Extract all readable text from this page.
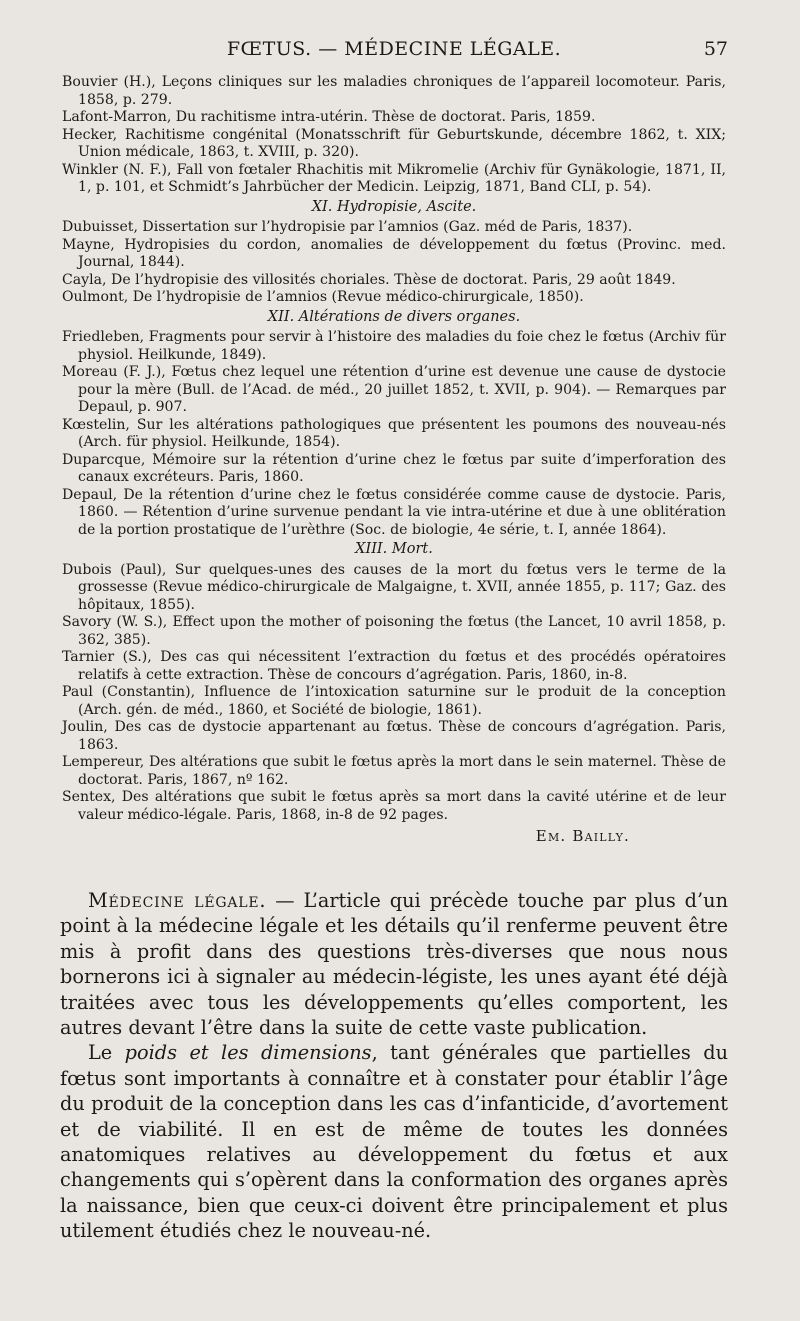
FŒTUS. — MÉDECINE LÉGALE.	57

Bouvier (H.), Leçons cliniques sur les maladies chroniques de l’appareil locomoteur. Paris, 1858, p. 279.

Lafont-Marron, Du rachitisme intra-utérin. Thèse de doctorat. Paris, 1859.

Hecker, Rachitisme congénital (Monatsschrift für Geburtskunde, décembre 1862, t. XIX; Union médicale, 1863, t. XVIII, p. 320).

Winkler (N. F.), Fall von fœtaler Rhachitis mit Mikromelie (Archiv für Gynäkologie, 1871, II, 1, p. 101, et Schmidt’s Jahrbücher der Medicin. Leipzig, 1871, Band CLI, p. 54).

XI. Hydropisie, Ascite.

Dubuisset, Dissertation sur l’hydropisie par l’amnios (Gaz. méd de Paris, 1837).

Mayne, Hydropisies du cordon, anomalies de développement du fœtus (Provinc. med. Journal, 1844).

Cayla, De l’hydropisie des villosités choriales. Thèse de doctorat. Paris, 29 août 1849.

Oulmont, De l’hydropisie de l’amnios (Revue médico-chirurgicale, 1850).

XII. Altérations de divers organes.

Friedleben, Fragments pour servir à l’histoire des maladies du foie chez le fœtus (Archiv für physiol. Heilkunde, 1849).

Moreau (F. J.), Fœtus chez lequel une rétention d’urine est devenue une cause de dystocie pour la mère (Bull. de l’Acad. de méd., 20 juillet 1852, t. XVII, p. 904). — Remarques par Depaul, p. 907.

Kœstelin, Sur les altérations pathologiques que présentent les poumons des nouveau-nés (Arch. für physiol. Heilkunde, 1854).

Duparcque, Mémoire sur la rétention d’urine chez le fœtus par suite d’imperforation des canaux excréteurs. Paris, 1860.

Depaul, De la rétention d’urine chez le fœtus considérée comme cause de dystocie. Paris, 1860. — Rétention d’urine survenue pendant la vie intra-utérine et due à une oblitération de la portion prostatique de l’urèthre (Soc. de biologie, 4e série, t. I, année 1864).

XIII. Mort.

Dubois (Paul), Sur quelques-unes des causes de la mort du fœtus vers le terme de la grossesse (Revue médico-chirurgicale de Malgaigne, t. XVII, année 1855, p. 117; Gaz. des hôpitaux, 1855).

Savory (W. S.), Effect upon the mother of poisoning the fœtus (the Lancet, 10 avril 1858, p. 362, 385).

Tarnier (S.), Des cas qui nécessitent l’extraction du fœtus et des procédés opératoires relatifs à cette extraction. Thèse de concours d’agrégation. Paris, 1860, in-8.

Paul (Constantin), Influence de l’intoxication saturnine sur le produit de la conception (Arch. gén. de méd., 1860, et Société de biologie, 1861).

Joulin, Des cas de dystocie appartenant au fœtus. Thèse de concours d’agrégation. Paris, 1863.

Lempereur, Des altérations que subit le fœtus après la mort dans le sein maternel. Thèse de doctorat. Paris, 1867, nº 162.

Sentex, Des altérations que subit le fœtus après sa mort dans la cavité utérine et de leur valeur médico-légale. Paris, 1868, in-8 de 92 pages.

Em. Bailly.

Médecine légale. — L’article qui précède touche par plus d’un point à la médecine légale et les détails qu’il renferme peuvent être mis à profit dans des questions très-diverses que nous nous bornerons ici à signaler au médecin-légiste, les unes ayant été déjà traitées avec tous les développements qu’elles comportent, les autres devant l’être dans la suite de cette vaste publication.

Le poids et les dimensions, tant générales que partielles du fœtus sont importants à connaître et à constater pour établir l’âge du produit de la conception dans les cas d’infanticide, d’avortement et de viabilité. Il en est de même de toutes les données anatomiques relatives au développement du fœtus et aux changements qui s’opèrent dans la conformation des organes après la naissance, bien que ceux-ci doivent être principalement et plus utilement étudiés chez le nouveau-né.
